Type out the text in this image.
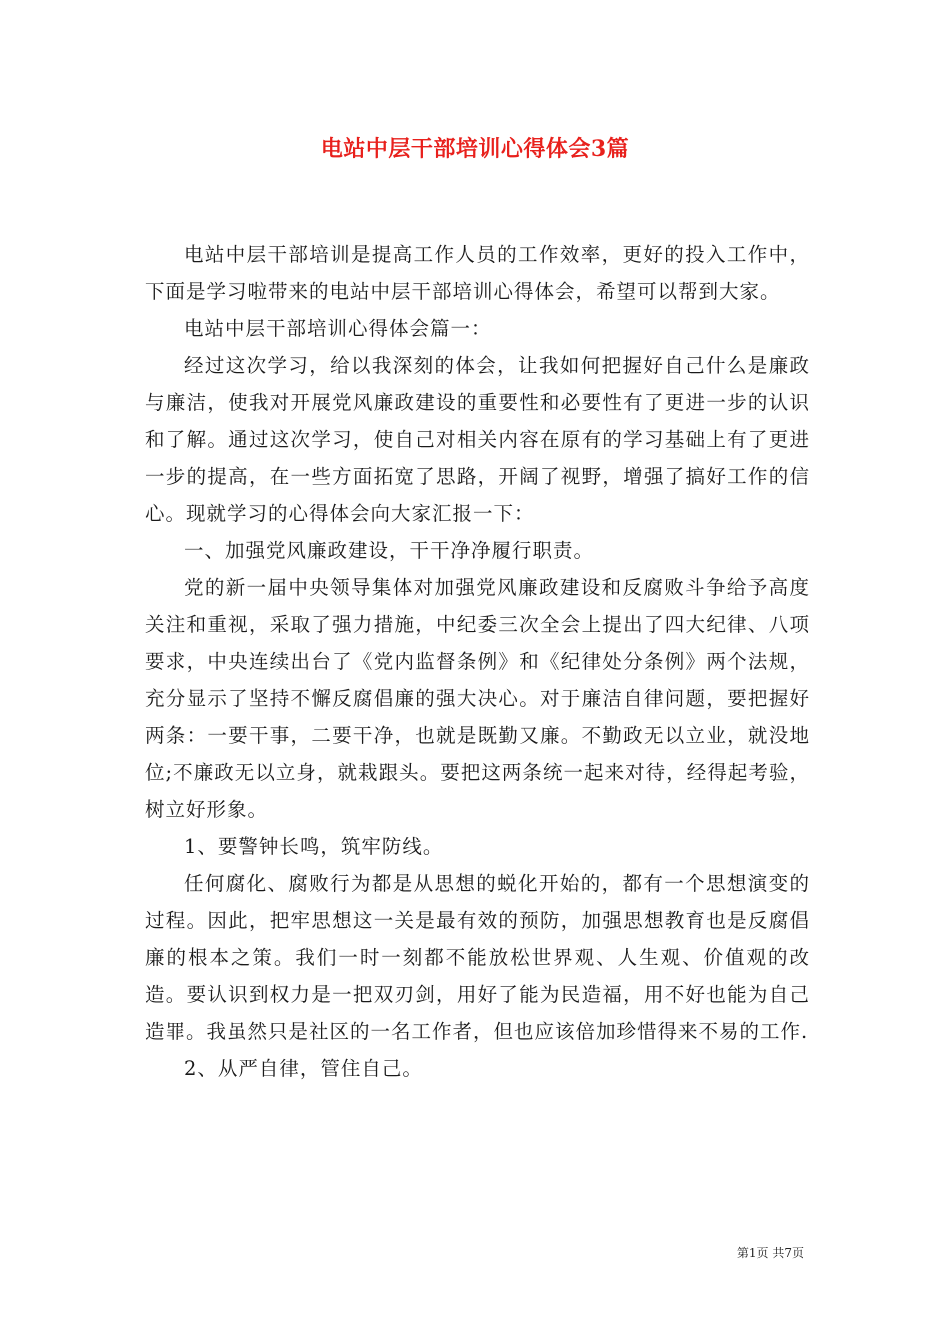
电站中层干部培训心得体会3篇

电站中层干部培训是提高工作人员的工作效率，更好的投入工作中，下面是学习啦带来的电站中层干部培训心得体会，希望可以帮到大家。

电站中层干部培训心得体会篇一：

经过这次学习，给以我深刻的体会，让我如何把握好自己什么是廉政与廉洁，使我对开展党风廉政建设的重要性和必要性有了更进一步的认识和了解。通过这次学习，使自己对相关内容在原有的学习基础上有了更进一步的提高，在一些方面拓宽了思路，开阔了视野，增强了搞好工作的信心。现就学习的心得体会向大家汇报一下：

一、加强党风廉政建设，干干净净履行职责。

党的新一届中央领导集体对加强党风廉政建设和反腐败斗争给予高度关注和重视，采取了强力措施，中纪委三次全会上提出了四大纪律、八项要求，中央连续出台了《党内监督条例》和《纪律处分条例》两个法规，充分显示了坚持不懈反腐倡廉的强大决心。对于廉洁自律问题，要把握好两条：一要干事，二要干净，也就是既勤又廉。不勤政无以立业，就没地位;不廉政无以立身，就栽跟头。要把这两条统一起来对待，经得起考验，树立好形象。

1、要警钟长鸣，筑牢防线。

任何腐化、腐败行为都是从思想的蜕化开始的，都有一个思想演变的过程。因此，把牢思想这一关是最有效的预防，加强思想教育也是反腐倡廉的根本之策。我们一时一刻都不能放松世界观、人生观、价值观的改造。要认识到权力是一把双刃剑，用好了能为民造福，用不好也能为自己造罪。我虽然只是社区的一名工作者，但也应该倍加珍惜得来不易的工作.

2、从严自律，管住自己。

第1页 共7页
